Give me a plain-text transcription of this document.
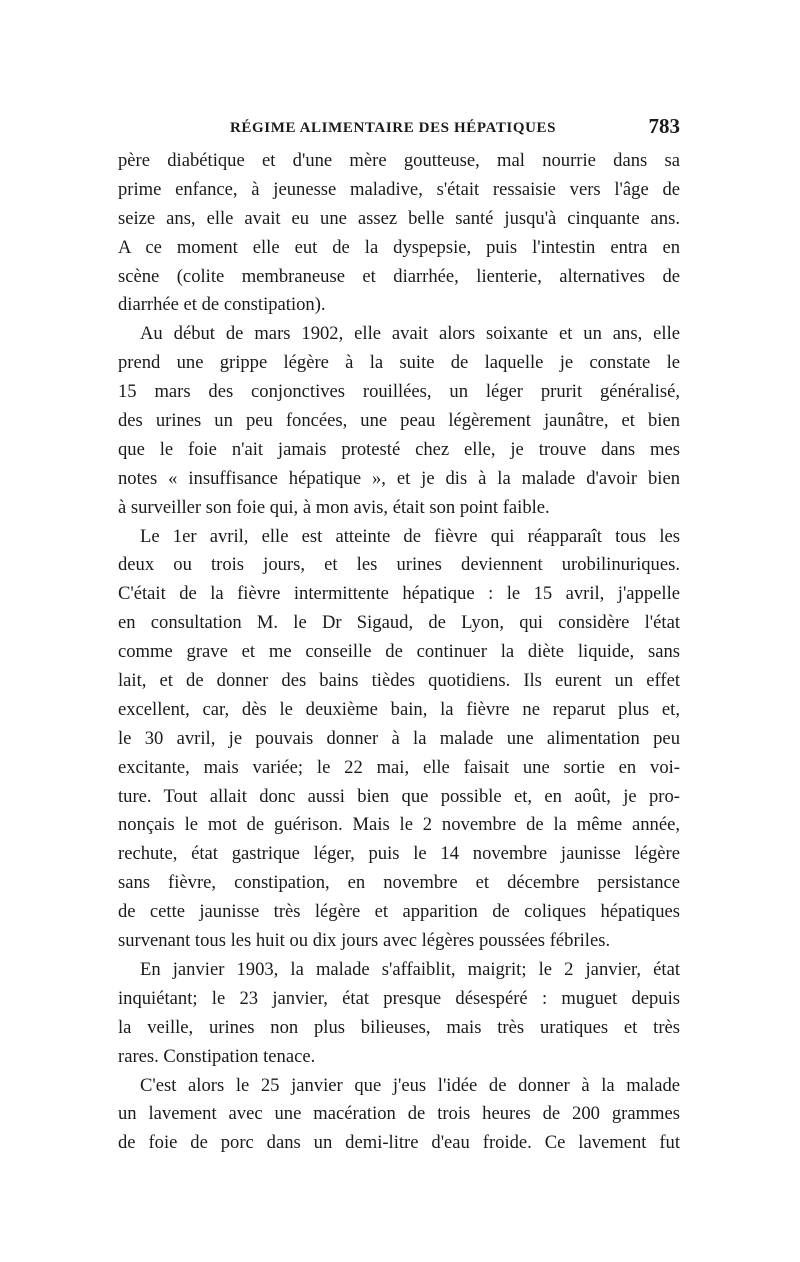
RÉGIME ALIMENTAIRE DES HÉPATIQUES	783
père diabétique et d'une mère goutteuse, mal nourrie dans sa
prime enfance, à jeunesse maladive, s'était ressaisie vers l'âge de
seize ans, elle avait eu une assez belle santé jusqu'à cinquante ans.
A ce moment elle eut de la dyspepsie, puis l'intestin entra en
scène (colite membraneuse et diarrhée, lienterie, alternatives de
diarrhée et de constipation).
Au début de mars 1902, elle avait alors soixante et un ans, elle
prend une grippe légère à la suite de laquelle je constate le
15 mars des conjonctives rouillées, un léger prurit généralisé,
des urines un peu foncées, une peau légèrement jaunâtre, et bien
que le foie n'ait jamais protesté chez elle, je trouve dans mes
notes « insuffisance hépatique », et je dis à la malade d'avoir bien
à surveiller son foie qui, à mon avis, était son point faible.
Le 1er avril, elle est atteinte de fièvre qui réapparaît tous les
deux ou trois jours, et les urines deviennent urobilinuriques.
C'était de la fièvre intermittente hépatique : le 15 avril, j'appelle
en consultation M. le Dr Sigaud, de Lyon, qui considère l'état
comme grave et me conseille de continuer la diète liquide, sans
lait, et de donner des bains tièdes quotidiens. Ils eurent un effet
excellent, car, dès le deuxième bain, la fièvre ne reparut plus et,
le 30 avril, je pouvais donner à la malade une alimentation peu
excitante, mais variée; le 22 mai, elle faisait une sortie en voi-
ture. Tout allait donc aussi bien que possible et, en août, je pro-
nonçais le mot de guérison. Mais le 2 novembre de la même année,
rechute, état gastrique léger, puis le 14 novembre jaunisse légère
sans fièvre, constipation, en novembre et décembre persistance
de cette jaunisse très légère et apparition de coliques hépatiques
survenant tous les huit ou dix jours avec légères poussées fébriles.
En janvier 1903, la malade s'affaiblit, maigrit; le 2 janvier, état
inquiétant; le 23 janvier, état presque désespéré : muguet depuis
la veille, urines non plus bilieuses, mais très uratiques et très
rares. Constipation tenace.
C'est alors le 25 janvier que j'eus l'idée de donner à la malade
un lavement avec une macération de trois heures de 200 grammes
de foie de porc dans un demi-litre d'eau froide. Ce lavement fut
